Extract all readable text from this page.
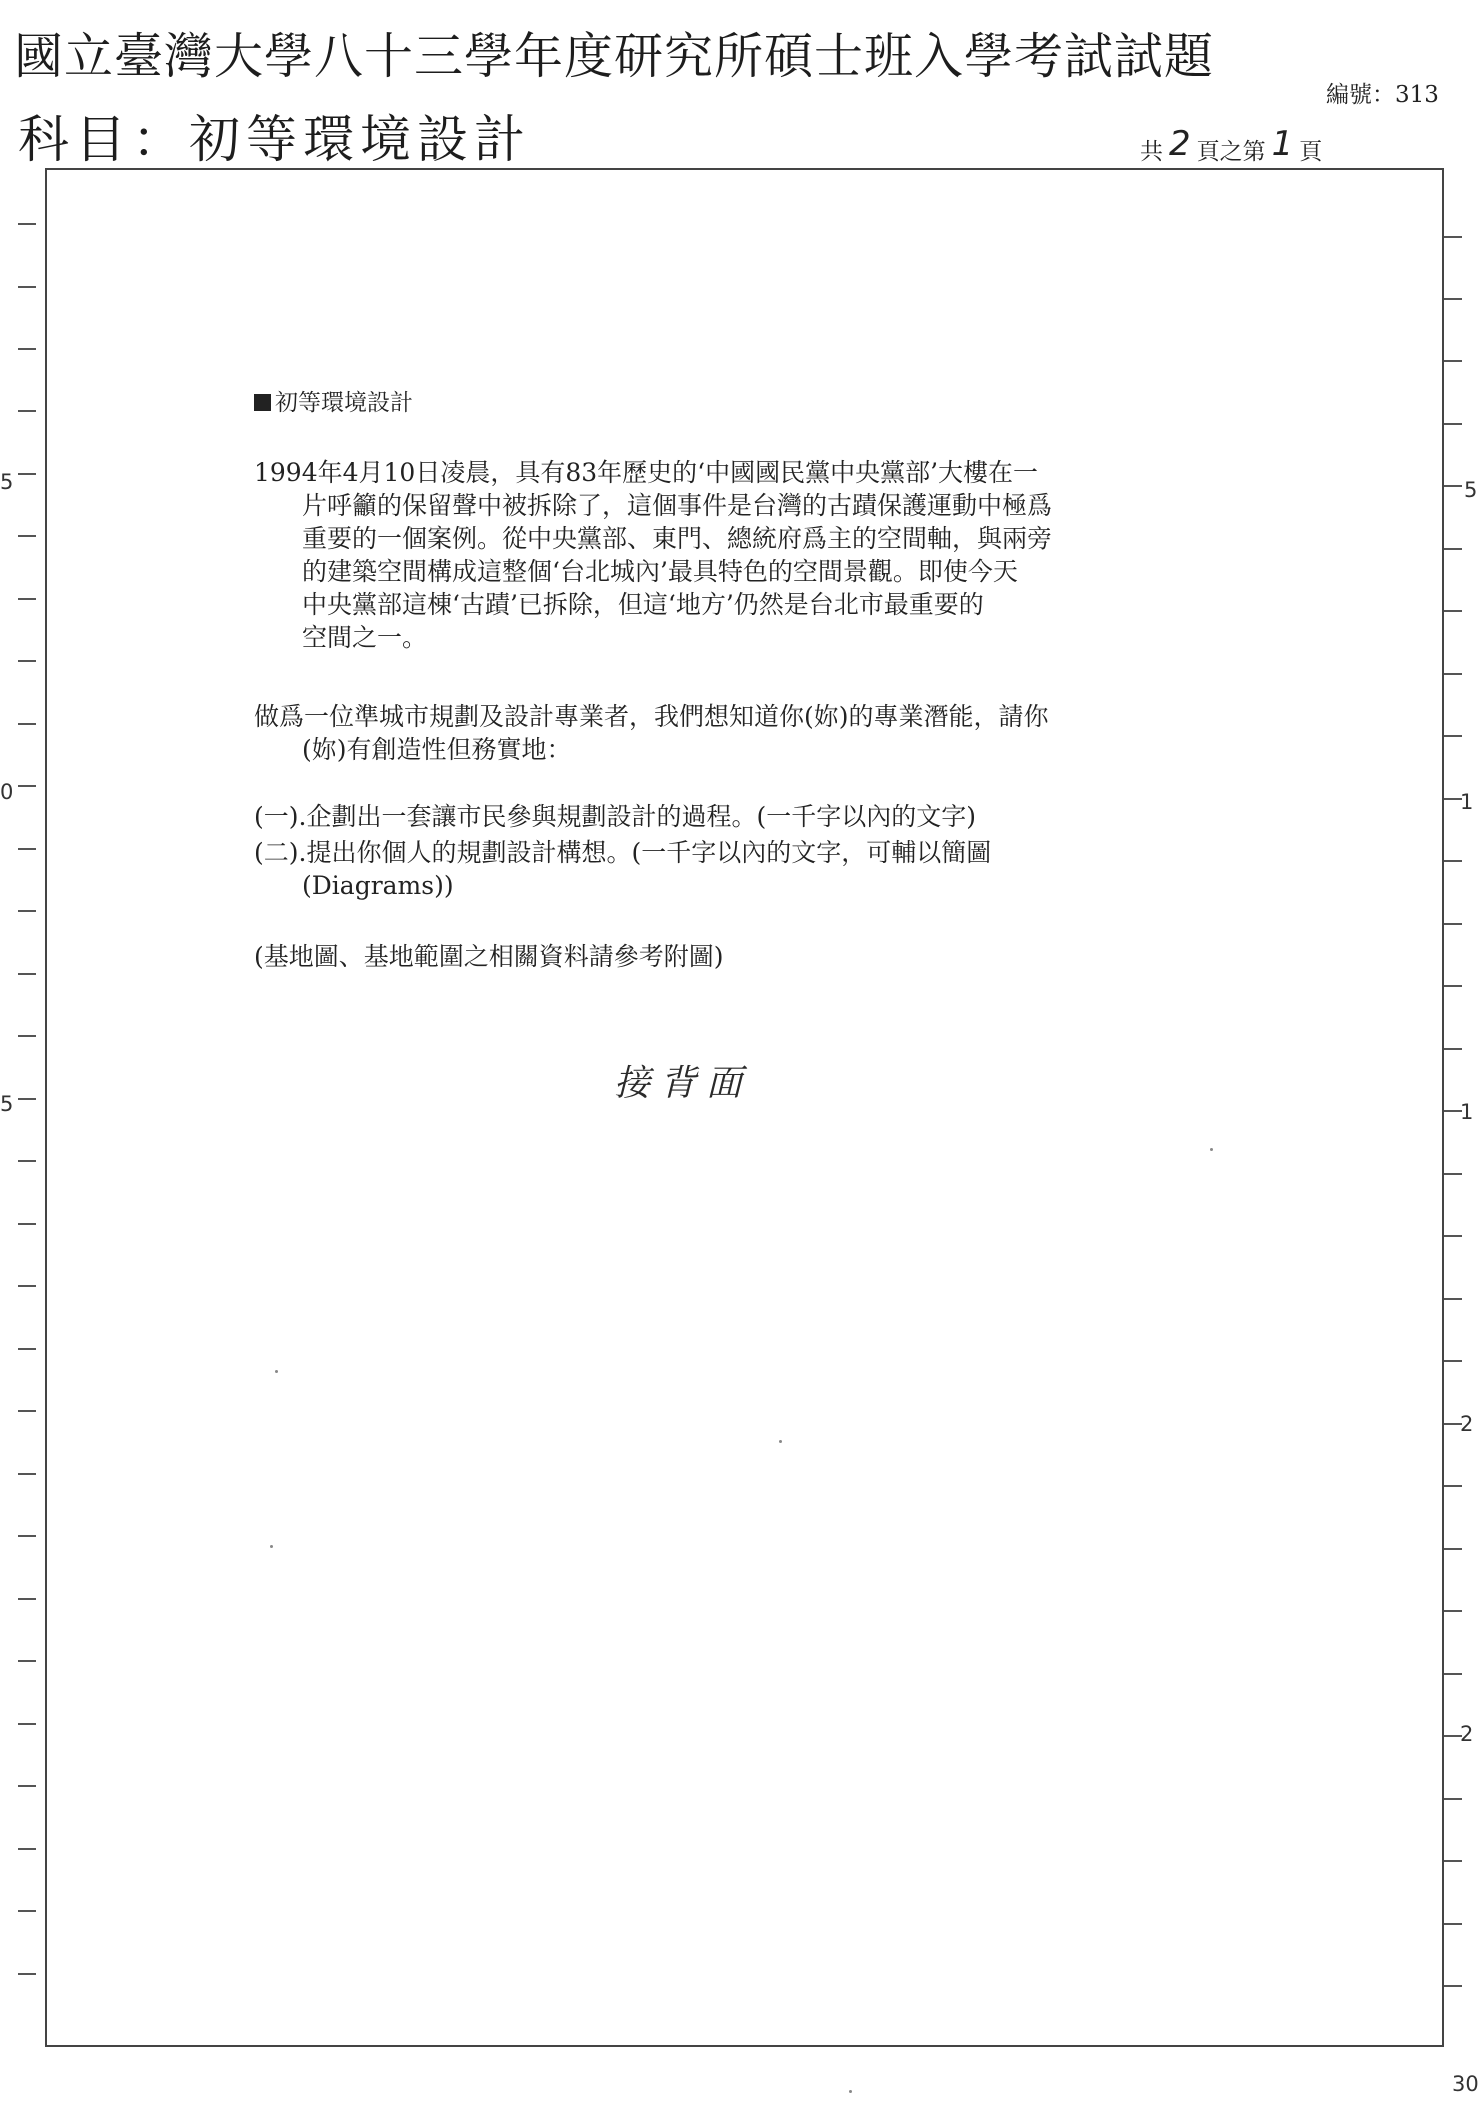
國立臺灣大學八十三學年度研究所碩士班入學考試試題
科目：初等環境設計
編號：313
共 2 頁之第 1 頁
5
0
5
5
1
1
2
2
30
初等環境設計
1994年4月10日凌晨，具有83年歷史的‘中國國民黨中央黨部’大樓在一
片呼籲的保留聲中被拆除了，這個事件是台灣的古蹟保護運動中極爲
重要的一個案例。從中央黨部、東門、總統府爲主的空間軸，與兩旁
的建築空間構成這整個‘台北城內’最具特色的空間景觀。即使今天
中央黨部這棟‘古蹟’已拆除，但這‘地方’仍然是台北市最重要的
空間之一。
做爲一位準城市規劃及設計專業者，我們想知道你(妳)的專業潛能，請你
(妳)有創造性但務實地：
(一).企劃出一套讓市民參與規劃設計的過程。(一千字以內的文字)
(二).提出你個人的規劃設計構想。(一千字以內的文字，可輔以簡圖
(Diagrams))
(基地圖、基地範圍之相關資料請參考附圖)
接背面
